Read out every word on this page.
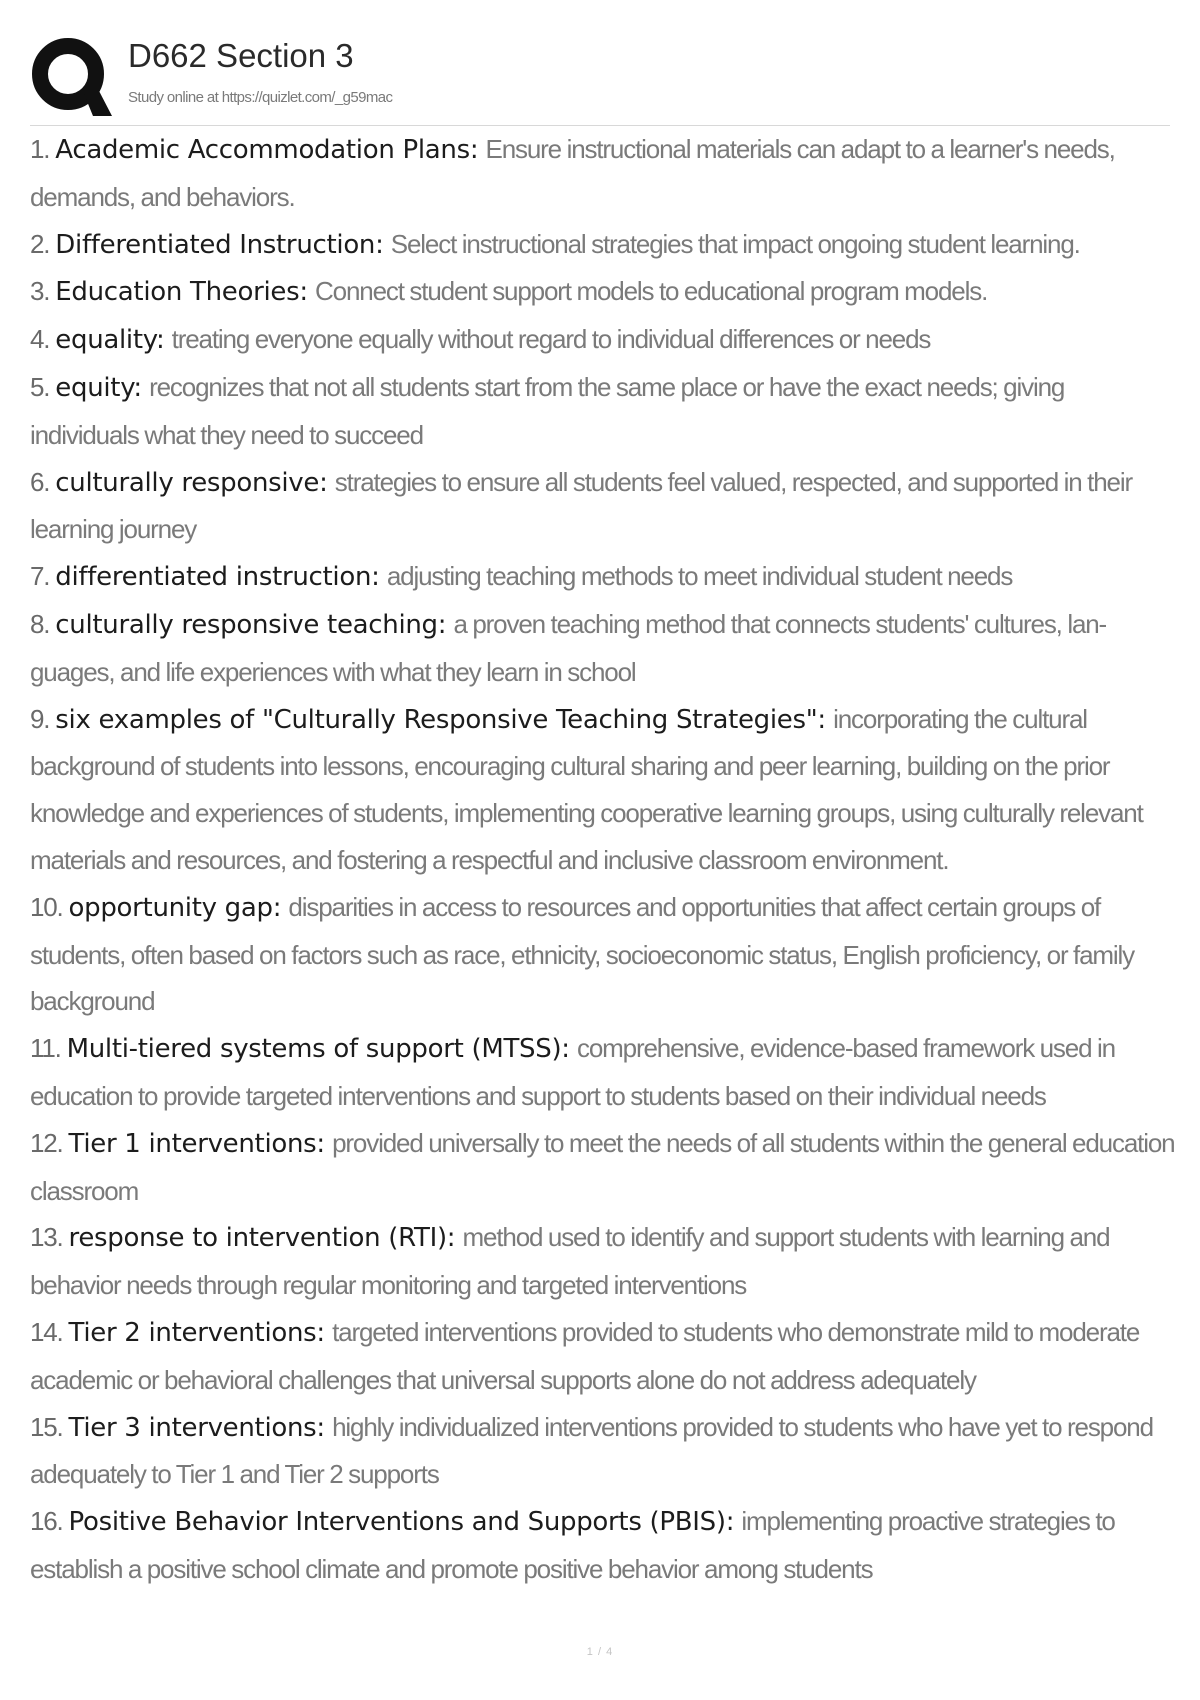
D662 Section 3
Study online at https://quizlet.com/_g59mac
1. Academic Accommodation Plans: Ensure instructional materials can adapt to a learner's needs, demands, and behaviors.
2. Differentiated Instruction: Select instructional strategies that impact ongoing student learning.
3. Education Theories: Connect student support models to educational program models.
4. equality: treating everyone equally without regard to individual differences or needs
5. equity: recognizes that not all students start from the same place or have the exact needs; giving individuals what they need to succeed
6. culturally responsive: strategies to ensure all students feel valued, respected, and supported in their learning journey
7. differentiated instruction: adjusting teaching methods to meet individual student needs
8. culturally responsive teaching: a proven teaching method that connects students' cultures, lan- guages, and life experiences with what they learn in school
9. six examples of "Culturally Responsive Teaching Strategies": incorporating the cultural background of students into lessons, encouraging cultural sharing and peer learning, building on the prior knowledge and experiences of students, implementing cooperative learning groups, using culturally relevant materials and resources, and fostering a respectful and inclusive classroom environment.
10. opportunity gap: disparities in access to resources and opportunities that affect certain groups of students, often based on factors such as race, ethnicity, socioeconomic status, English proficiency, or family background
11. Multi-tiered systems of support (MTSS): comprehensive, evidence-based framework used in education to provide targeted interventions and support to students based on their individual needs
12. Tier 1 interventions: provided universally to meet the needs of all students within the general education classroom
13. response to intervention (RTI): method used to identify and support students with learning and behavior needs through regular monitoring and targeted interventions
14. Tier 2 interventions: targeted interventions provided to students who demonstrate mild to moderate academic or behavioral challenges that universal supports alone do not address adequately
15. Tier 3 interventions: highly individualized interventions provided to students who have yet to respond adequately to Tier 1 and Tier 2 supports
16. Positive Behavior Interventions and Supports (PBIS): implementing proactive strategies to establish a positive school climate and promote positive behavior among students
1 / 4
